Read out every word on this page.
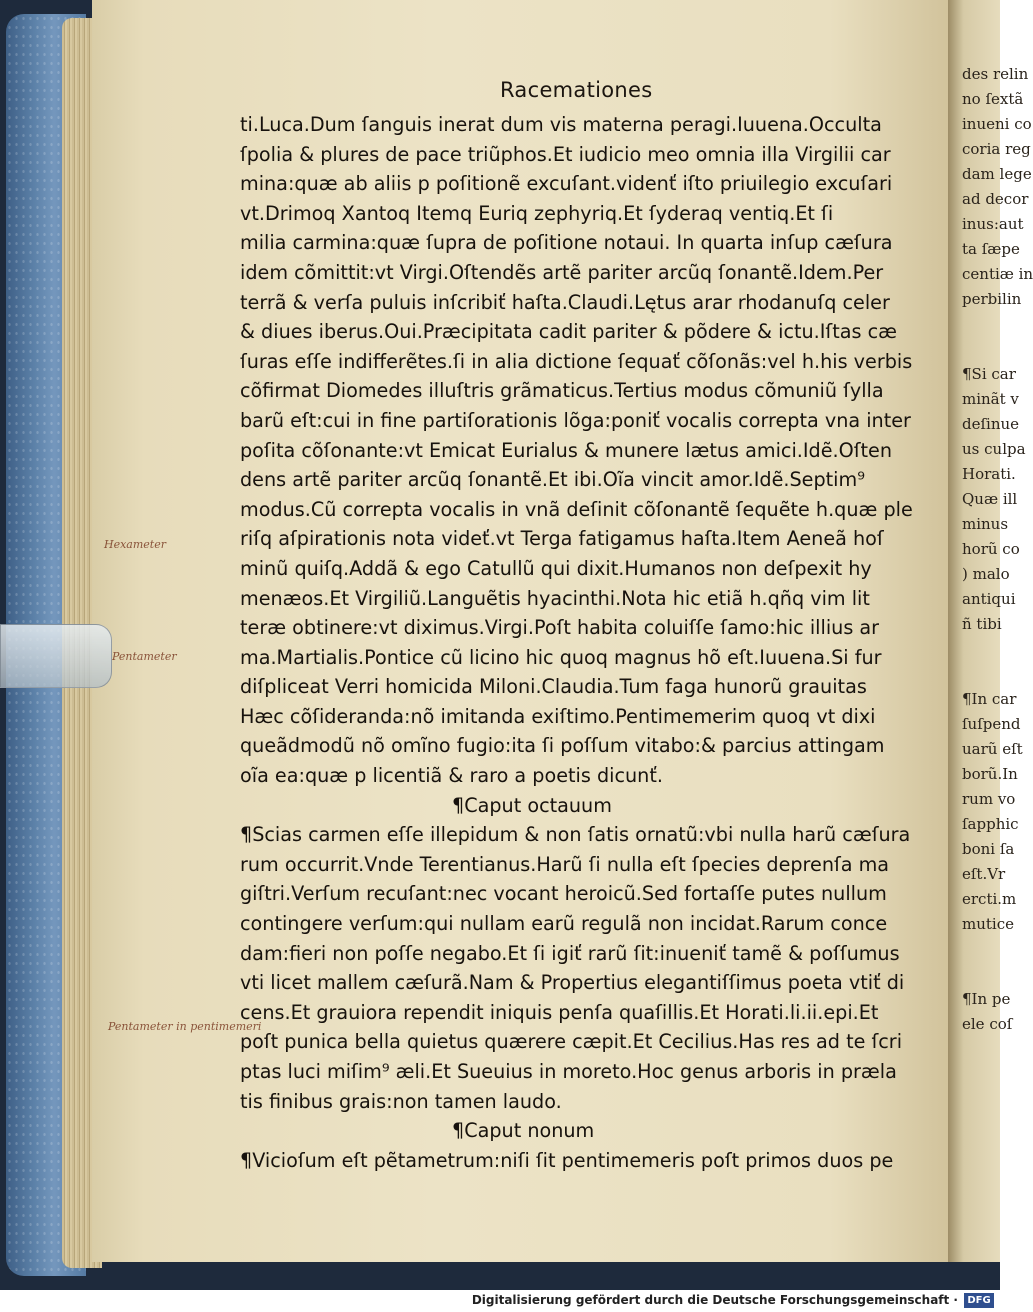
des relin
no ſextã
inueni co
coria reg
dam lege
ad decor
inus:aut
ta ſæpe
centiæ in
perbilin
¶Si car
minãt v
deſinue
us culpa
Horati.
Quæ ill
minus
horũ co
) malo
antiqui
ñ tibi
¶In car
ſuſpend
uarũ eſt
borũ.In
rum vo
ſapphic
boni ſa
eſt.Vr
ercti.m
mutice
¶In pe
ele coſ
Racemationes
ti.Luca.Dum ſanguis inerat dum vis materna peragi.Iuuena.Occulta
ſpolia & plures de pace triũphos.Et iudicio meo omnia illa Virgilii car
mina:quæ ab aliis p poſitionẽ excuſant.videnť iſto priuilegio excuſari
vt.Drimoq Xantoq Itemq Euriq zephyriq.Et ſyderaq ventiq.Et ſi
milia carmina:quæ ſupra de poſitione notaui. In quarta inſup cæſura
idem cõmittit:vt Virgi.Oſtendẽs artẽ pariter arcũq ſonantẽ.Idem.Per
terrã & verſa puluis inſcribiť haſta.Claudi.Lętus arar rhodanuſq celer
& diues iberus.Oui.Præcipitata cadit pariter & põdere & ictu.Iſtas cæ
ſuras eſſe indifferẽtes.ſi in alia dictione ſequať cõſonãs:vel h.his verbis
cõfirmat Diomedes illuſtris grãmaticus.Tertius modus cõmuniũ ſylla
barũ eſt:cui in fine partiſorationis lõga:poniť vocalis correpta vna inter
poſita cõſonante:vt Emicat Eurialus & munere lætus amici.Idẽ.Oſten
dens artẽ pariter arcũq ſonantẽ.Et ibi.Oĩa vincit amor.Idẽ.Septim⁹
modus.Cũ correpta vocalis in vnã deſinit cõſonantẽ ſequẽte h.quæ ple
riſq aſpirationis nota videť.vt Terga fatigamus haſta.Item Aeneã hoſ
minũ quiſq.Addã & ego Catullũ qui dixit.Humanos non deſpexit hy
menæos.Et Virgiliũ.Languẽtis hyacinthi.Nota hic etiã h.qñq vim lit
teræ obtinere:vt diximus.Virgi.Poſt habita coluiſſe ſamo:hic illius ar
ma.Martialis.Pontice cũ licino hic quoq magnus hõ eſt.Iuuena.Si fur
diſpliceat Verri homicida Miloni.Claudia.Tum faga hunorũ grauitas
Hæc cõſideranda:nõ imitanda exiſtimo.Pentimemerim quoq vt dixi
queãdmodũ nõ omĩno fugio:ita ſi poſſum vitabo:& parcius attingam
oĩa ea:quæ p licentiã & raro a poetis dicunť.
¶Caput octauum
¶Scias carmen eſſe illepidum & non ſatis ornatũ:vbi nulla harũ cæſura
rum occurrit.Vnde Terentianus.Harũ ſi nulla eſt ſpecies deprenſa ma
giſtri.Verſum recuſant:nec vocant heroicũ.Sed fortaſſe putes nullum
contingere verſum:qui nullam earũ regulã non incidat.Rarum conce
dam:fieri non poſſe negabo.Et ſi igiť rarũ ſit:inueniť tamẽ & poſſumus
vti licet mallem cæſurã.Nam & Propertius elegantiſſimus poeta vtiť di
cens.Et grauiora rependit iniquis penſa quaſillis.Et Horati.li.ii.epi.Et
poſt punica bella quietus quærere cæpit.Et Cecilius.Has res ad te ſcri
ptas luci miſim⁹ æli.Et Sueuius in moreto.Hoc genus arboris in præla
tis finibus grais:non tamen laudo.
¶Caput nonum
¶Vicioſum eſt pẽtametrum:niſi ſit pentimemeris poſt primos duos pe
Hexameter
Pentameter
Pentameter in pentimemeri
Digitalisierung gefördert durch die Deutsche Forschungsgemeinschaft · DFG
